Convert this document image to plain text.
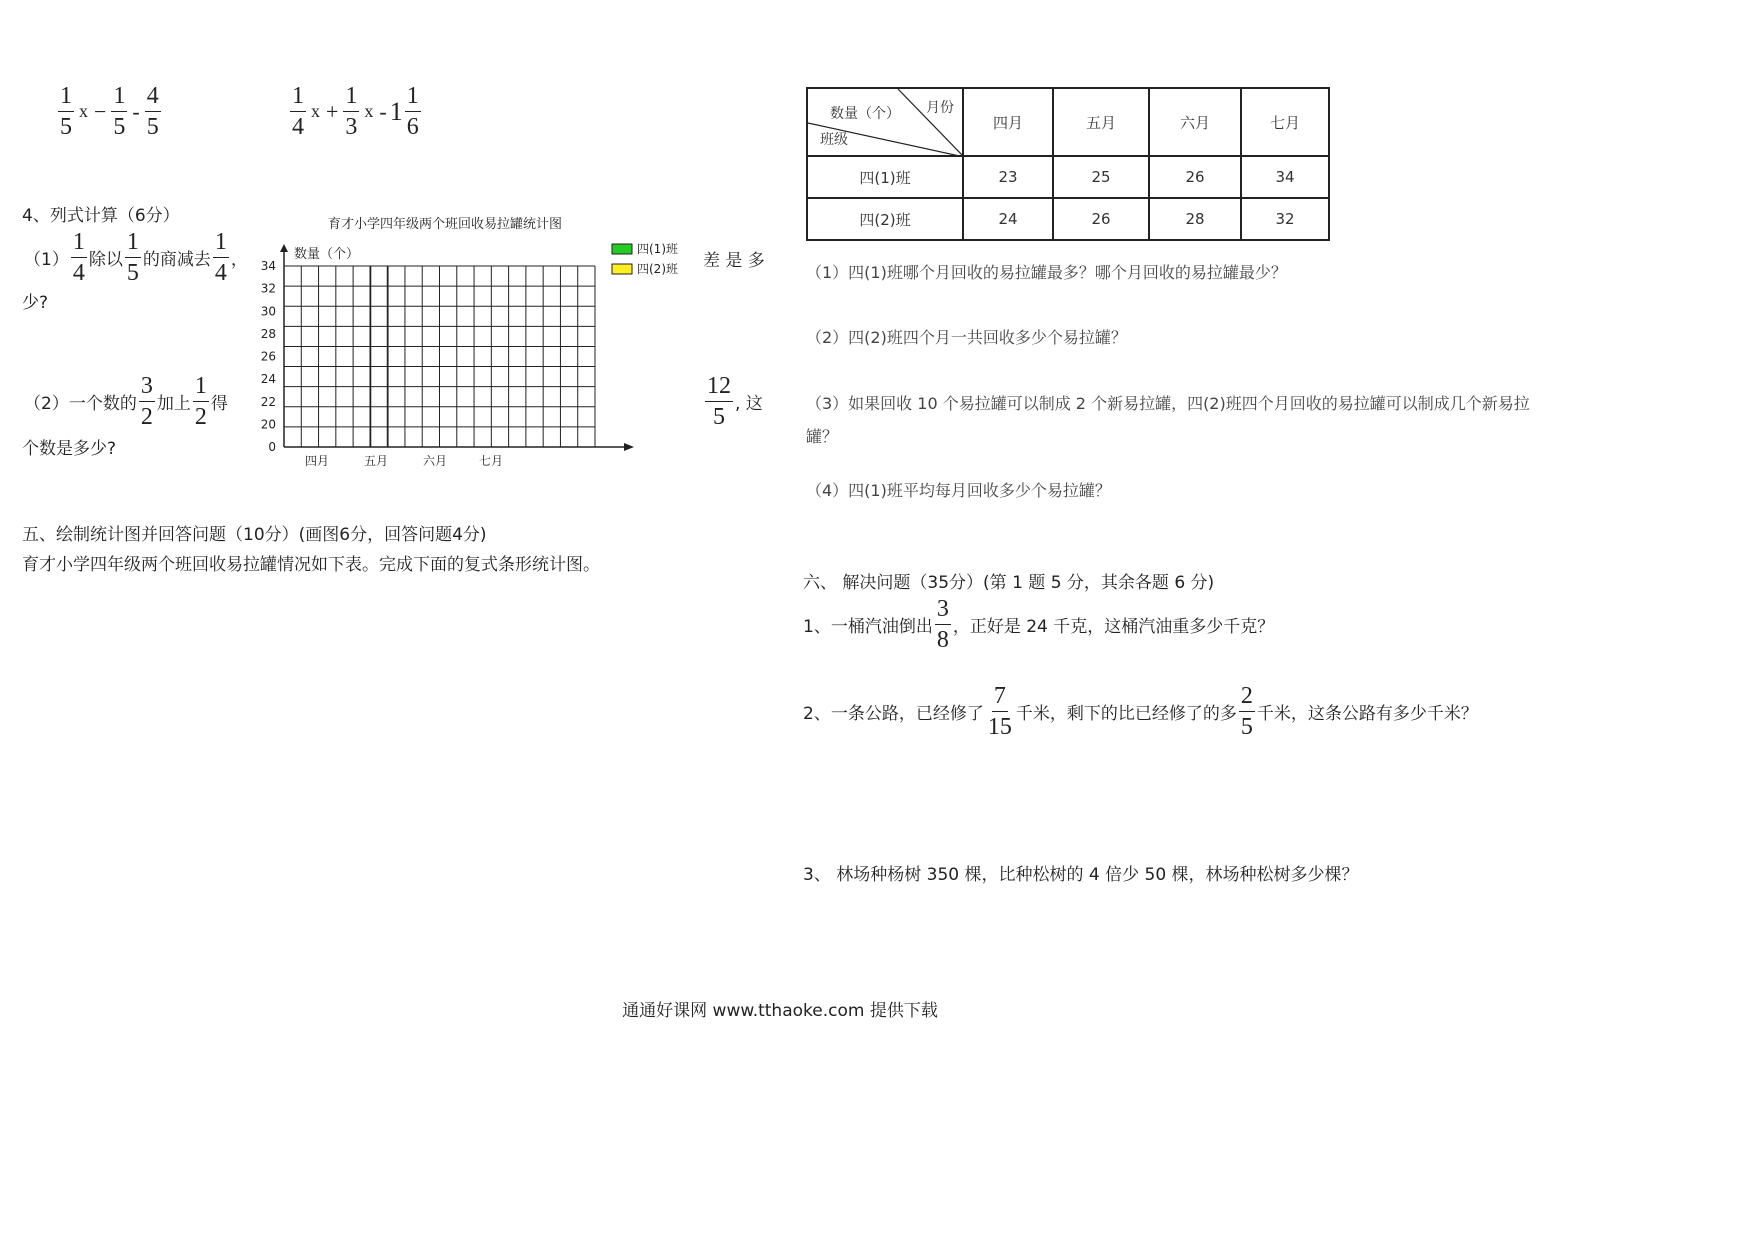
$\frac{1}{5}$ $x - \frac{1}{5} - \frac{4}{5}$	$\frac{1}{4}$ $x + \frac{1}{3}$ x - $1 \frac{1}{6}$
4、列式计算（6分）
$(1) \frac{1}{4}$ 除以 $\frac{1}{5}$ 的商减去 $\frac{1}{4}$ ，	差 是 多
少?
（2）一个数的 $\frac{3}{2}$ 加上 $\frac{1}{2}$ 得	$\frac{12}{5}$ , 这
个数是多少?
育才小学四年级两个班回收易拉罐统计图
数量（个）
34
32
30
28
26
24
22
20
0
四月	五月	六月	七月
四(1)班
四(2)班
五、绘制统计图并回答问题（10分）(画图6分，回答问题4分)
育才小学四年级两个班回收易拉罐情况如下表。完成下面的复式条形统计图。
月份
数量（个）
班级	四月	五月	六月	七月
四(1)班	23	25	26	34
四(2)班	24	26	28	32
（1）四(1)班哪个月回收的易拉罐最多？哪个月回收的易拉罐最少？
（2）四(2)班四个月一共回收多少个易拉罐？
（3）如果回收 10 个易拉罐可以制成 2 个新易拉罐，四(2)班四个月回收的易拉罐可以制成几个新易拉
罐？
（4）四(1)班平均每月回收多少个易拉罐？
六、 解决问题（35分）(第 1 题 5 分，其余各题 6 分)
1、一桶汽油倒出 $\frac{3}{8}$ ，正好是 24 千克，这桶汽油重多少千克？
2、一条公路，已经修了 $\frac{7}{15}$ 千米，剩下的比已经修了的多 $\frac{2}{5}$ 千米，这条公路有多少千米？
3、 林场种杨树 350 棵，比种松树的 4 倍少 50 棵，林场种松树多少棵？
通通好课网 www.tthaoke.com 提供下载
